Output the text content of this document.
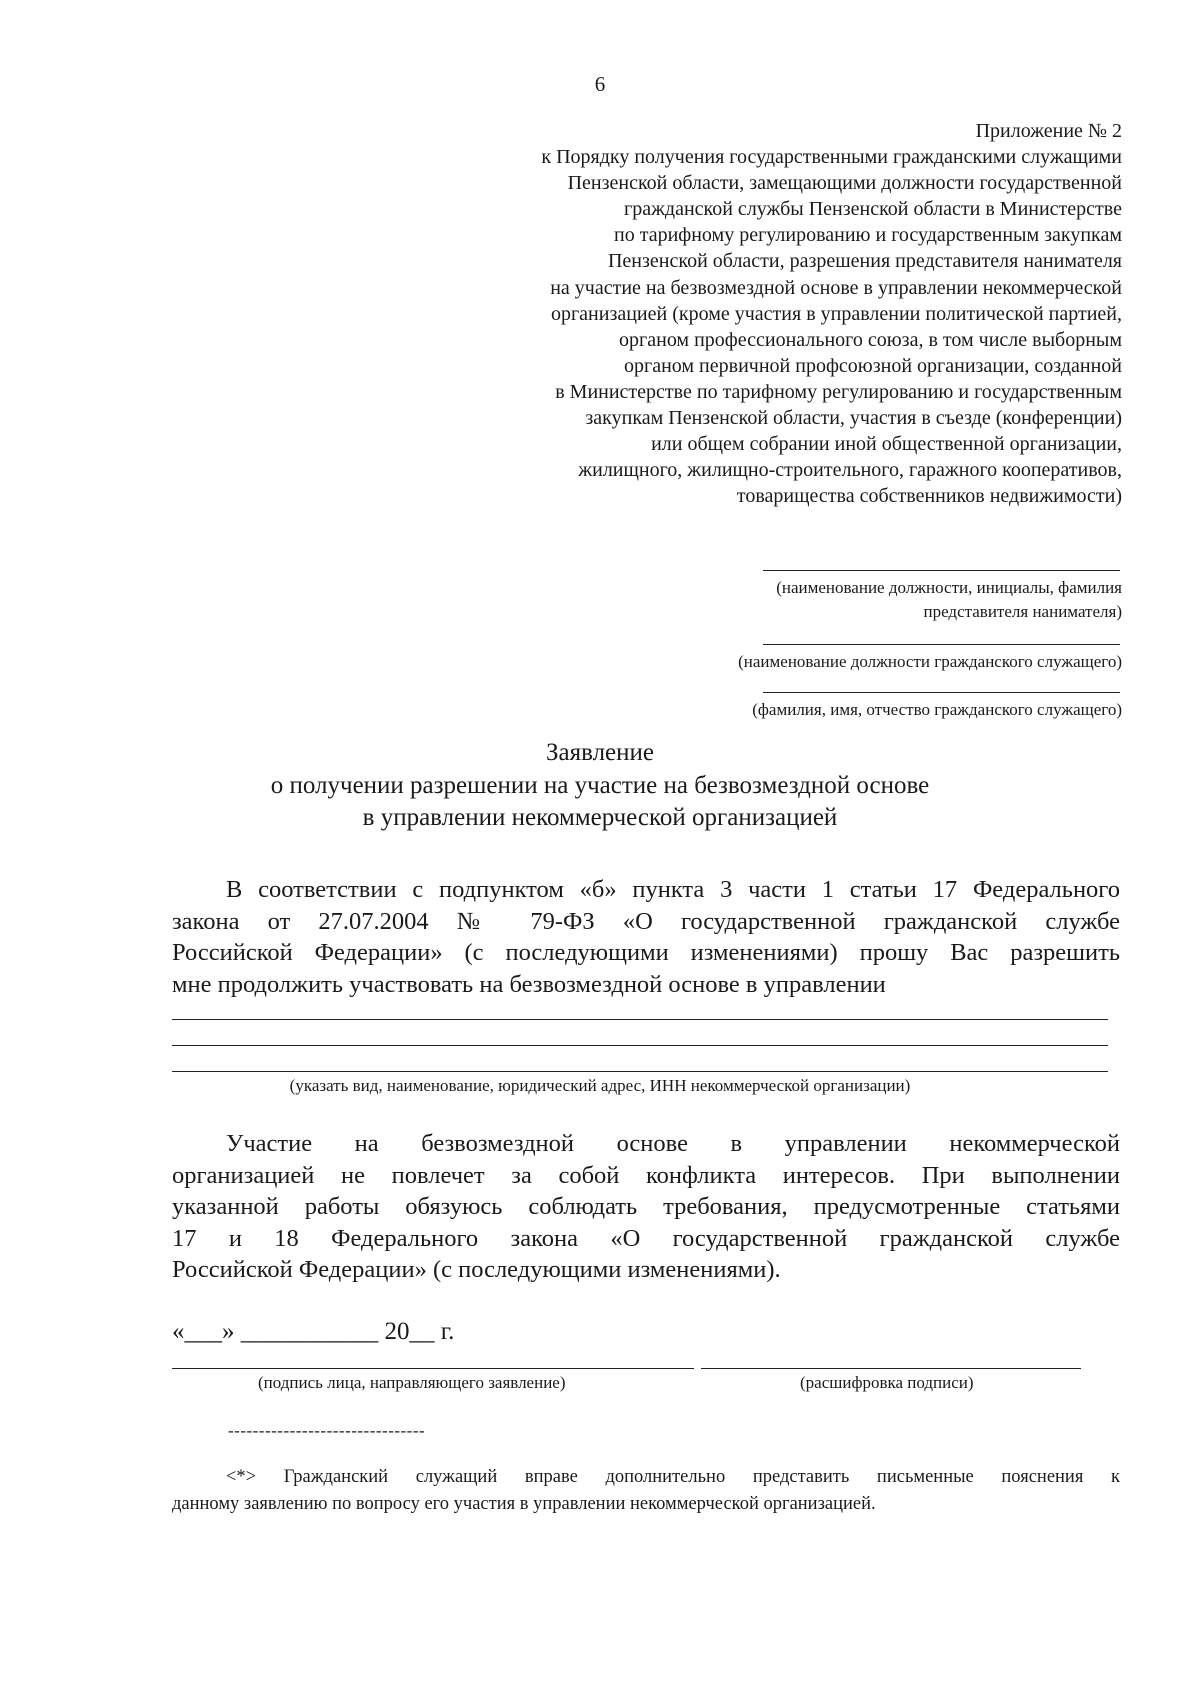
6
Приложение № 2
к Порядку получения государственными гражданскими служащими
Пензенской области, замещающими должности государственной
гражданской службы Пензенской области в Министерстве
по тарифному регулированию и государственным закупкам
Пензенской области, разрешения представителя нанимателя
на участие на безвозмездной основе в управлении некоммерческой
организацией (кроме участия в управлении политической партией,
органом профессионального союза, в том числе выборным
органом первичной профсоюзной организации, созданной
в Министерстве по тарифному регулированию и государственным
закупкам Пензенской области, участия в съезде (конференции)
или общем собрании иной общественной организации,
жилищного, жилищно-строительного, гаражного кооперативов,
товарищества собственников недвижимости)
(наименование должности, инициалы, фамилия
представителя нанимателя)
(наименование должности гражданского служащего)
(фамилия, имя, отчество гражданского служащего)
Заявление
о получении разрешении на участие на безвозмездной основе
в управлении некоммерческой организацией
В соответствии с подпунктом «б» пункта 3 части 1 статьи 17 Федерального
закона от 27.07.2004 № 79-ФЗ «О государственной гражданской службе
Российской Федерации» (с последующими изменениями) прошу Вас разрешить
мне продолжить участвовать на безвозмездной основе в управлении
(указать вид, наименование, юридический адрес, ИНН некоммерческой организации)
Участие на безвозмездной основе в управлении некоммерческой
организацией не повлечет за собой конфликта интересов. При выполнении
указанной работы обязуюсь соблюдать требования, предусмотренные статьями
17 и 18 Федерального закона «О государственной гражданской службе
Российской Федерации» (с последующими изменениями).
«___» ___________ 20__ г.
(подпись лица, направляющего заявление)	(расшифровка подписи)
--------------------------------
<*> Гражданский служащий вправе дополнительно представить письменные пояснения к
данному заявлению по вопросу его участия в управлении некоммерческой организацией.
